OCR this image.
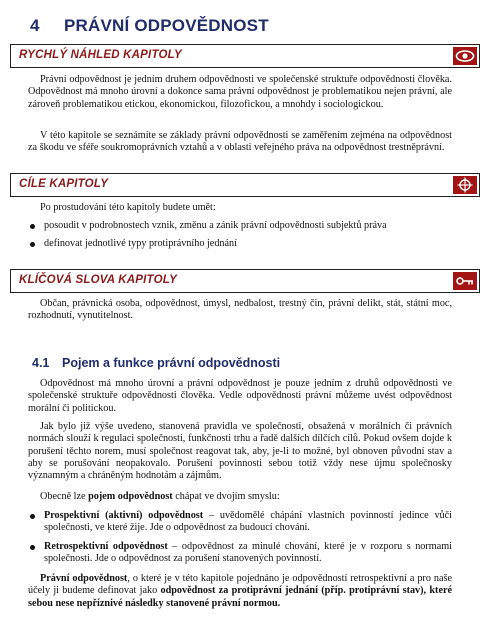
4 PRÁVNÍ ODPOVĚDNOST
RYCHLÝ NÁHLED KAPITOLY
Právní odpovědnost je jedním druhem odpovědnosti ve společenské struktuře odpovědnosti člověka. Odpovědnost má mnoho úrovní a dokonce sama právní odpovědnost je problematikou nejen právní, ale zároveň problematikou etickou, ekonomickou, filozofickou, a mnohdy i sociologickou.
V této kapitole se seznámíte se základy právní odpovědnosti se zaměřením zejména na odpovědnost za škodu ve sféře soukromoprávních vztahů a v oblasti veřejného práva na odpovědnost trestněprávní.
CÍLE KAPITOLY
Po prostudování této kapitoly budete umět:
posoudit v podrobnostech vznik, změnu a zánik právní odpovědnosti subjektů práva
definovat jednotlivé typy protiprávního jednání
KLÍČOVÁ SLOVA KAPITOLY
Občan, právnická osoba, odpovědnost, úmysl, nedbalost, trestný čin, právní delikt, stát, státní moc, rozhodnutí, vynutitelnost.
4.1 Pojem a funkce právní odpovědnosti
Odpovědnost má mnoho úrovní a právní odpovědnost je pouze jedním z druhů odpovědnosti ve společenské struktuře odpovědnosti člověka. Vedle odpovědnosti právní můžeme uvést odpovědnost morální či politickou.
Jak bylo již výše uvedeno, stanovená pravidla ve společnosti, obsažená v morálních či právních normách slouží k regulaci společnosti, funkčnosti trhu a řadě dalších dílčích cílů. Pokud ovšem dojde k porušení těchto norem, musí společnost reagovat tak, aby, je-li to možné, byl obnoven původní stav a aby se porušování neopakovalo. Porušení povinnosti sebou totiž vždy nese újmu společnosky významným a chráněným hodnotám a zájmům.
Obecně lze pojem odpovědnost chápat ve dvojím smyslu:
Prospektivní (aktivní) odpovědnost – uvědomělé chápání vlastních povinností jedince vůči společnosti, ve které žije. Jde o odpovědnost za budoucí chování.
Retrospektivní odpovědnost – odpovědnost za minulé chování, které je v rozporu s normami společnosti. Jde o odpovědnost za porušení stanovených povinností.
Právní odpovědnost, o které je v této kapitole pojednáno je odpovědností retrospektivní a pro naše účely ji budeme definovat jako odpovědnost za protiprávní jednání (příp. protiprávní stav), které sebou nese nepříznivé následky stanovené právní normou.
